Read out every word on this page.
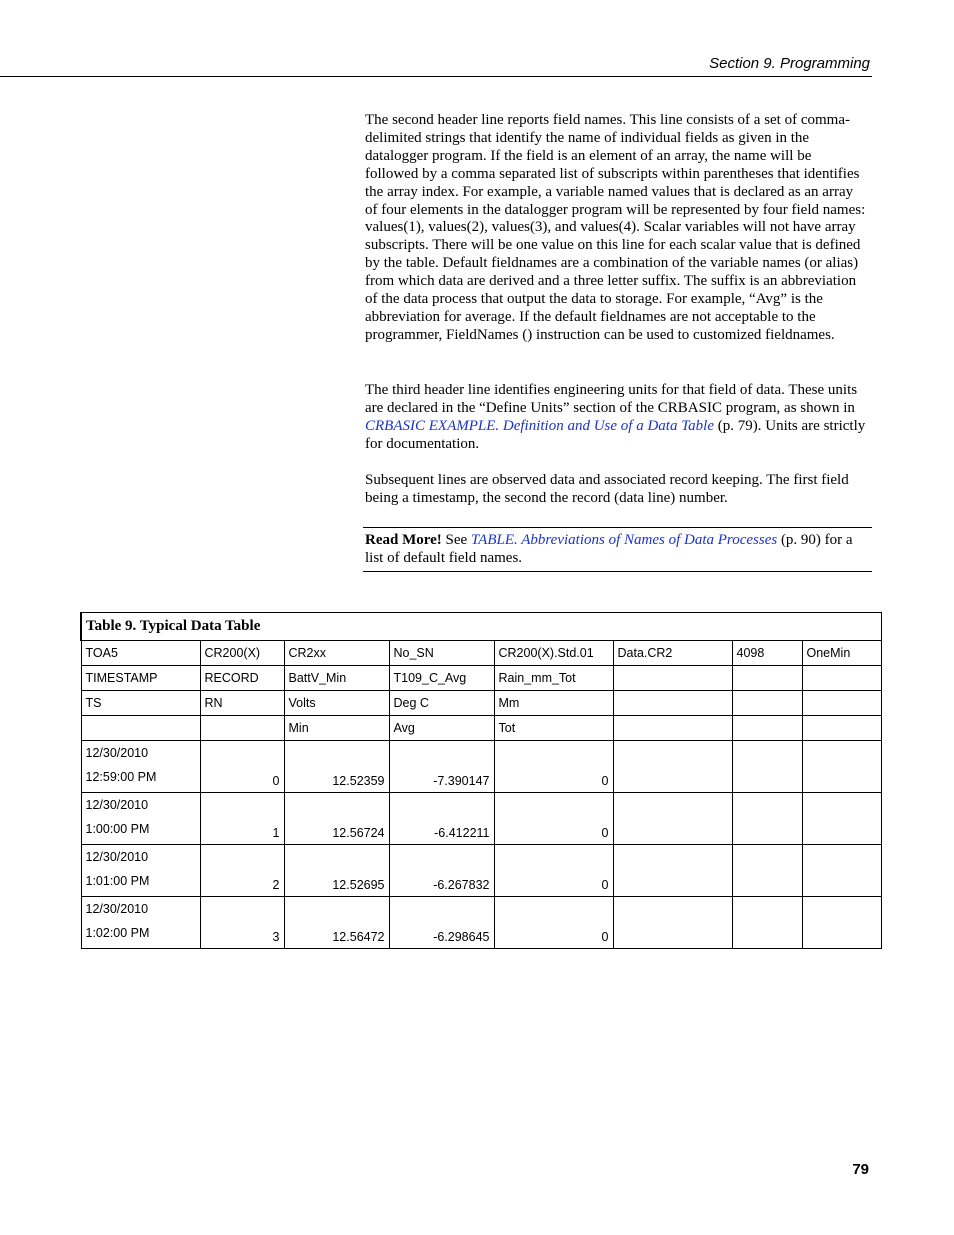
Section 9. Programming

The second header line reports field names. This line consists of a set of comma-delimited strings that identify the name of individual fields as given in the datalogger program. If the field is an element of an array, the name will be followed by a comma separated list of subscripts within parentheses that identifies the array index. For example, a variable named values that is declared as an array of four elements in the datalogger program will be represented by four field names: values(1), values(2), values(3), and values(4). Scalar variables will not have array subscripts. There will be one value on this line for each scalar value that is defined by the table. Default fieldnames are a combination of the variable names (or alias) from which data are derived and a three letter suffix. The suffix is an abbreviation of the data process that output the data to storage. For example, “Avg” is the abbreviation for average. If the default fieldnames are not acceptable to the programmer, FieldNames () instruction can be used to customized fieldnames.

The third header line identifies engineering units for that field of data. These units are declared in the “Define Units” section of the CRBASIC program, as shown in CRBASIC EXAMPLE. Definition and Use of a Data Table (p. 79). Units are strictly for documentation.

Subsequent lines are observed data and associated record keeping. The first field being a timestamp, the second the record (data line) number.

Read More! See TABLE. Abbreviations of Names of Data Processes (p. 90) for a list of default field names.
Table 9. Typical Data Table							
TOA5	CR200(X)	CR2xx	No_SN	CR200(X).Std.01	Data.CR2	4098	OneMin
TIMESTAMP	RECORD	BattV_Min	T109_C_Avg	Rain_mm_Tot			
TS	RN	Volts	Deg C	Mm			
		Min	Avg	Tot			

12/30/2010
12:59:00 PM	0	12.52359	-7.390147	0			

12/30/2010
1:00:00 PM	1	12.56724	-6.412211	0			

12/30/2010
1:01:00 PM	2	12.52695	-6.267832	0			

12/30/2010
1:02:00 PM	3	12.56472	-6.298645	0			
79
